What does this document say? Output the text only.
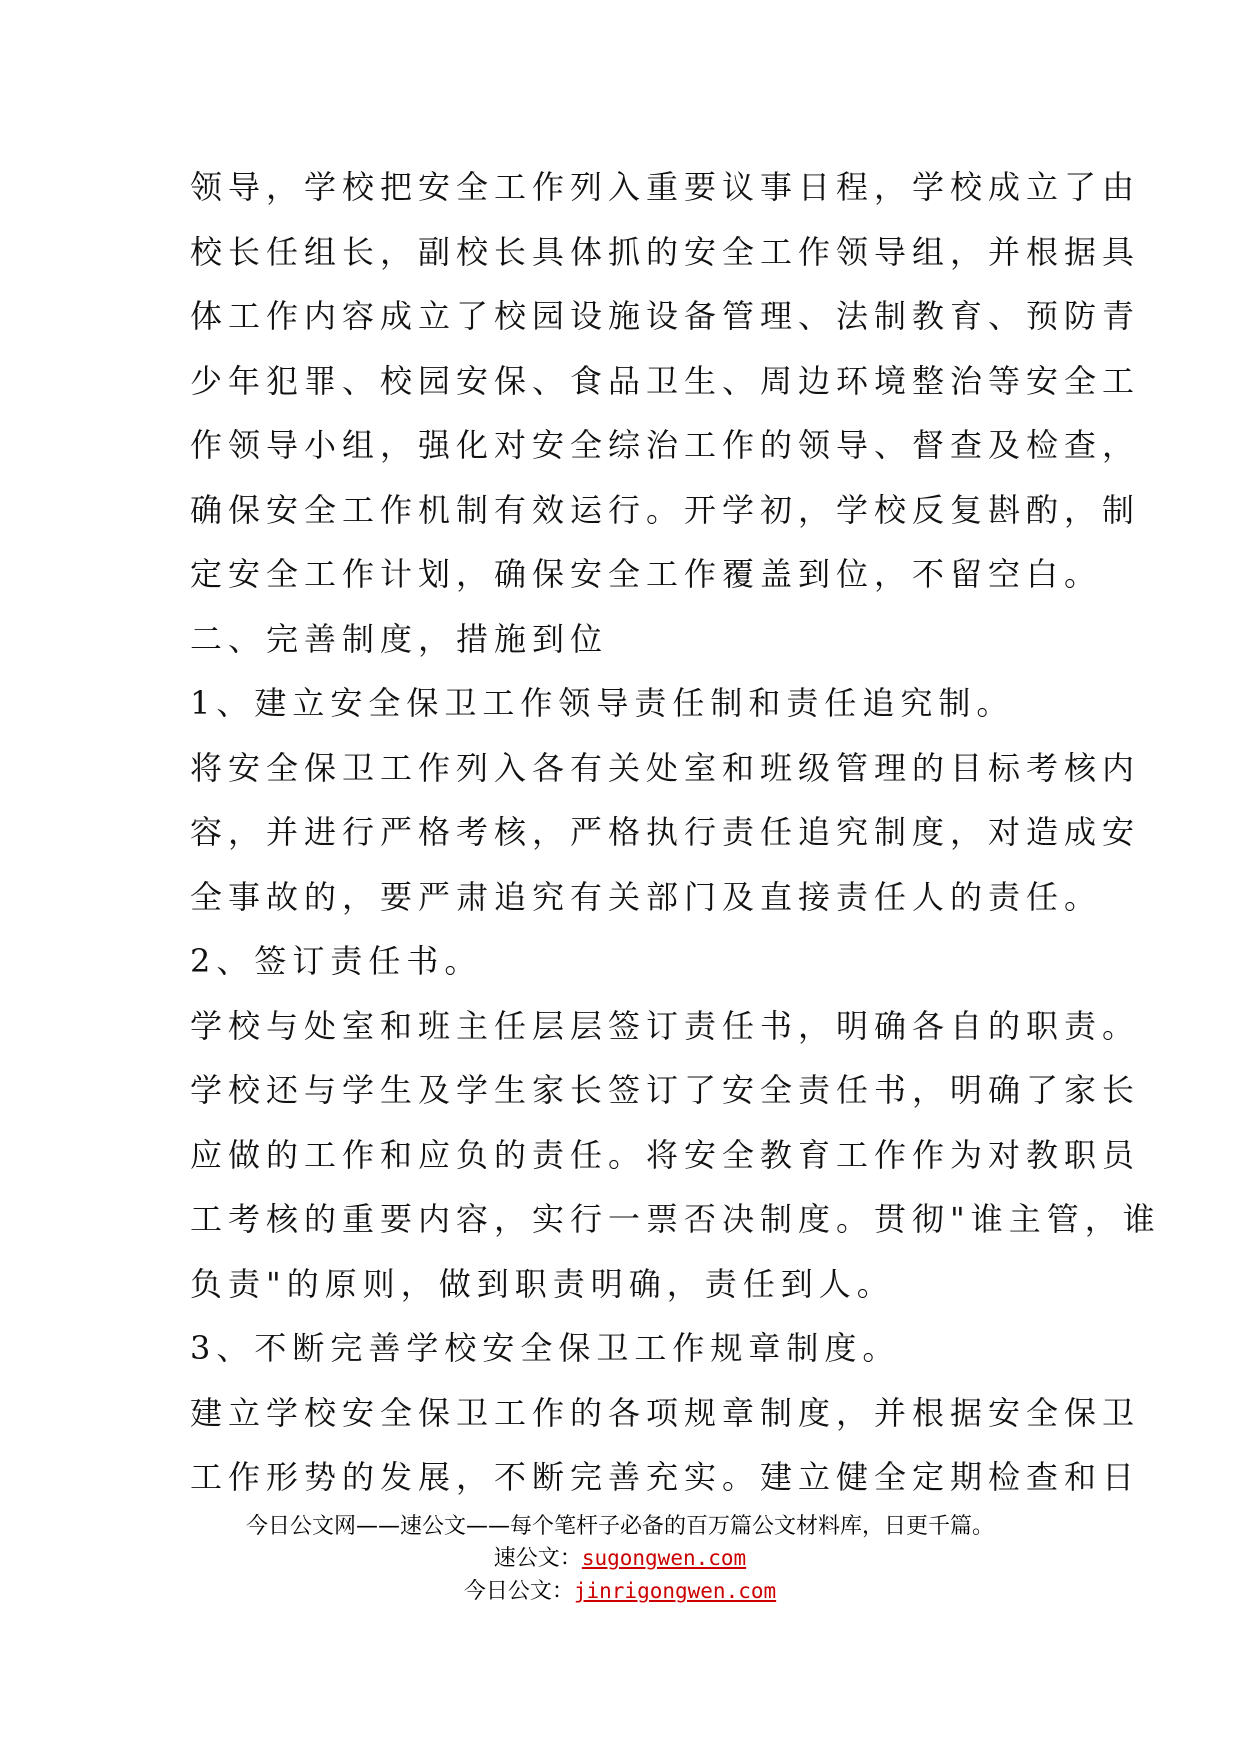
领导，学校把安全工作列入重要议事日程，学校成立了由
校长任组长，副校长具体抓的安全工作领导组，并根据具
体工作内容成立了校园设施设备管理、法制教育、预防青
少年犯罪、校园安保、食品卫生、周边环境整治等安全工
作领导小组，强化对安全综治工作的领导、督查及检查，
确保安全工作机制有效运行。开学初，学校反复斟酌，制
定安全工作计划，确保安全工作覆盖到位，不留空白。
二、完善制度，措施到位
1、建立安全保卫工作领导责任制和责任追究制。
将安全保卫工作列入各有关处室和班级管理的目标考核内
容，并进行严格考核，严格执行责任追究制度，对造成安
全事故的，要严肃追究有关部门及直接责任人的责任。
2、签订责任书。
学校与处室和班主任层层签订责任书，明确各自的职责。
学校还与学生及学生家长签订了安全责任书，明确了家长
应做的工作和应负的责任。将安全教育工作作为对教职员
工考核的重要内容，实行一票否决制度。贯彻"谁主管，谁
负责"的原则，做到职责明确，责任到人。
3、不断完善学校安全保卫工作规章制度。
建立学校安全保卫工作的各项规章制度，并根据安全保卫
工作形势的发展，不断完善充实。建立健全定期检查和日
今日公文网——速公文——每个笔杆子必备的百万篇公文材料库，日更千篇。
速公文：sugongwen.com
今日公文：jinrigongwen.com
